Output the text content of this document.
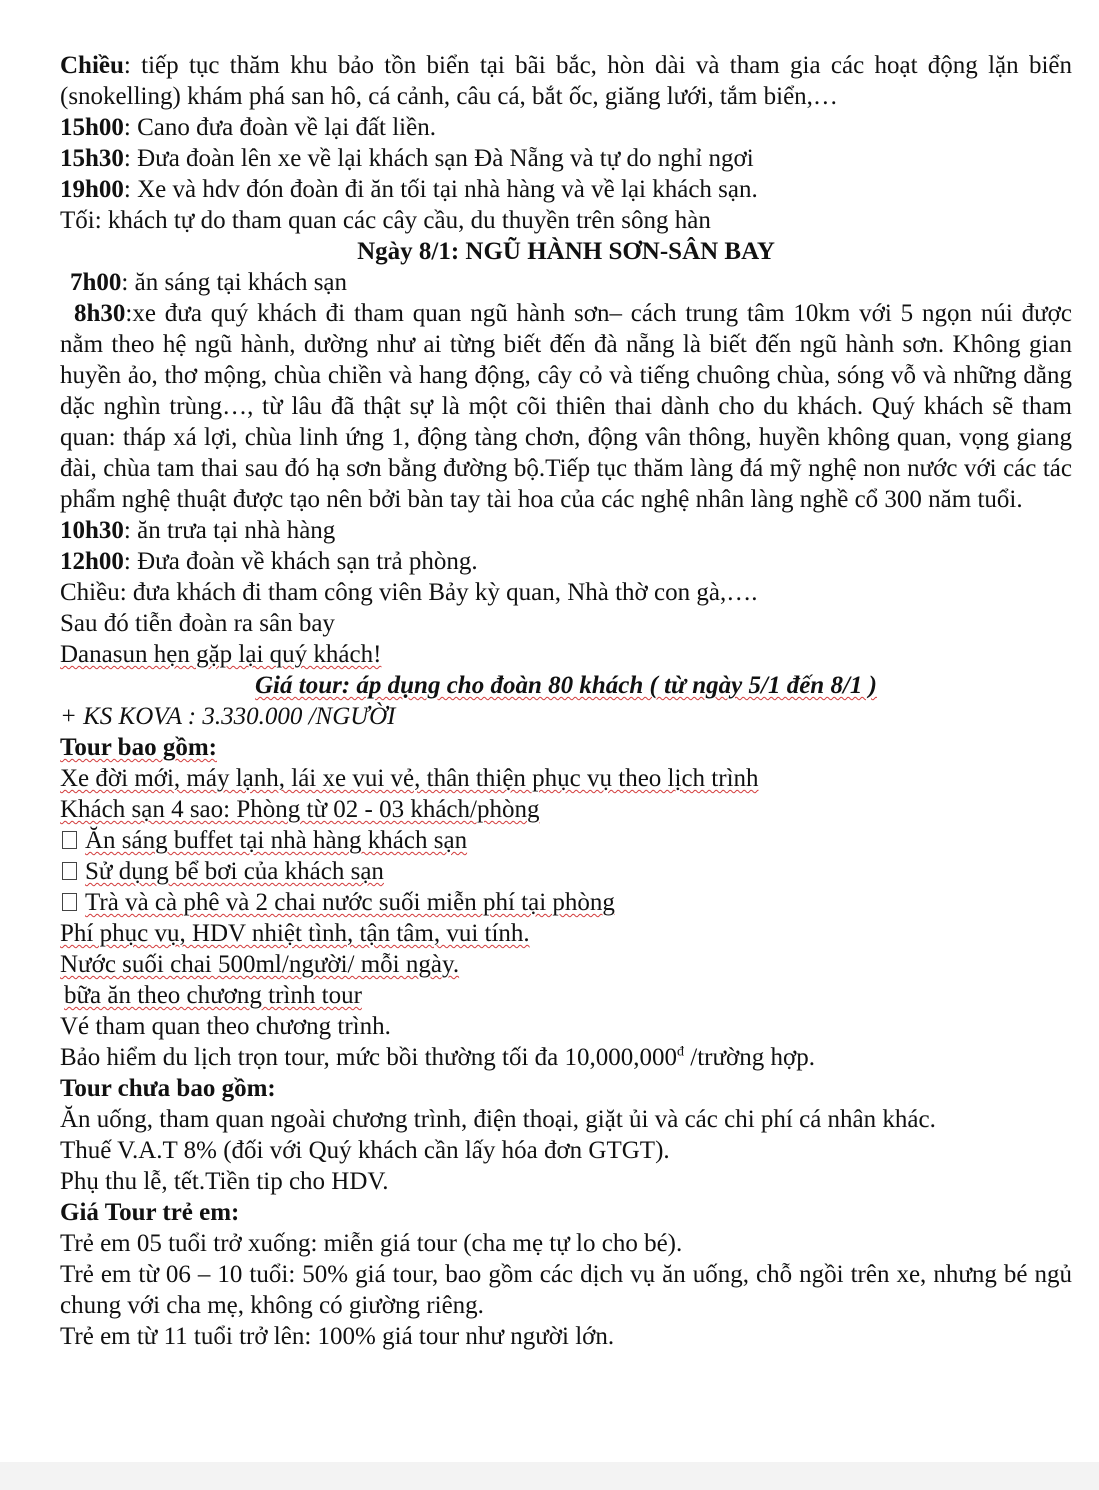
Chiều: tiếp tục thăm khu bảo tồn biển tại bãi bắc, hòn dài và tham gia các hoạt động lặn biển (snokelling) khám phá san hô, cá cảnh, câu cá, bắt ốc, giăng lưới, tắm biển,…
15h00: Cano đưa đoàn về lại đất liền.
15h30: Đưa đoàn lên xe về lại khách sạn Đà Nẵng và tự do nghỉ ngơi
19h00: Xe và hdv đón đoàn đi ăn tối tại nhà hàng và về lại khách sạn.
Tối: khách tự do tham quan các cây cầu, du thuyền trên sông hàn
Ngày 8/1: NGŨ HÀNH SƠN-SÂN BAY
7h00: ăn sáng tại khách sạn
8h30:xe đưa quý khách đi tham quan ngũ hành sơn– cách trung tâm 10km với 5 ngọn núi được nằm theo hệ ngũ hành, dường như ai từng biết đến đà nẵng là biết đến ngũ hành sơn. Không gian huyền ảo, thơ mộng, chùa chiền và hang động, cây cỏ và tiếng chuông chùa, sóng vỗ và những dằng dặc nghìn trùng…, từ lâu đã thật sự là một cõi thiên thai dành cho du khách. Quý khách sẽ tham quan: tháp xá lợi, chùa linh ứng 1, động tàng chơn, động vân thông, huyền không quan, vọng giang đài, chùa tam thai sau đó hạ sơn bằng đường bộ.Tiếp tục thăm làng đá mỹ nghệ non nước với các tác phẩm nghệ thuật được tạo nên bởi bàn tay tài hoa của các nghệ nhân làng nghề cổ 300 năm tuổi.
10h30: ăn trưa tại nhà hàng
12h00: Đưa đoàn về khách sạn trả phòng.
Chiều: đưa khách đi tham công viên Bảy kỳ quan, Nhà thờ con gà,….
Sau đó tiễn đoàn ra sân bay
Danasun hẹn gặp lại quý khách!
Giá tour: áp dụng cho đoàn 80 khách ( từ ngày 5/1 đến 8/1 )
+ KS KOVA : 3.330.000 /NGƯỜI
Tour bao gồm:
Xe đời mới, máy lạnh, lái xe vui vẻ, thân thiện phục vụ theo lịch trình
Khách sạn 4 sao: Phòng từ 02 - 03 khách/phòng
Ăn sáng buffet tại nhà hàng khách sạn
Sử dụng bể bơi của khách sạn
Trà và cà phê và 2 chai nước suối miễn phí tại phòng
Phí phục vụ, HDV nhiệt tình, tận tâm, vui tính.
Nước suối chai 500ml/người/ mỗi ngày.
bữa ăn theo chương trình tour
Vé tham quan theo chương trình.
Bảo hiểm du lịch trọn tour, mức bồi thường tối đa $10,000,000^đ$ /trường hợp.
Tour chưa bao gồm:
Ăn uống, tham quan ngoài chương trình, điện thoại, giặt ủi và các chi phí cá nhân khác.
Thuế V.A.T 8% (đối với Quý khách cần lấy hóa đơn GTGT).
Phụ thu lễ, tết.Tiền tip cho HDV.
Giá Tour trẻ em:
Trẻ em 05 tuổi trở xuống: miễn giá tour (cha mẹ tự lo cho bé).
Trẻ em từ 06 – 10 tuổi: 50% giá tour, bao gồm các dịch vụ ăn uống, chỗ ngồi trên xe, nhưng bé ngủ chung với cha mẹ, không có giường riêng.
Trẻ em từ 11 tuổi trở lên: 100% giá tour như người lớn.
